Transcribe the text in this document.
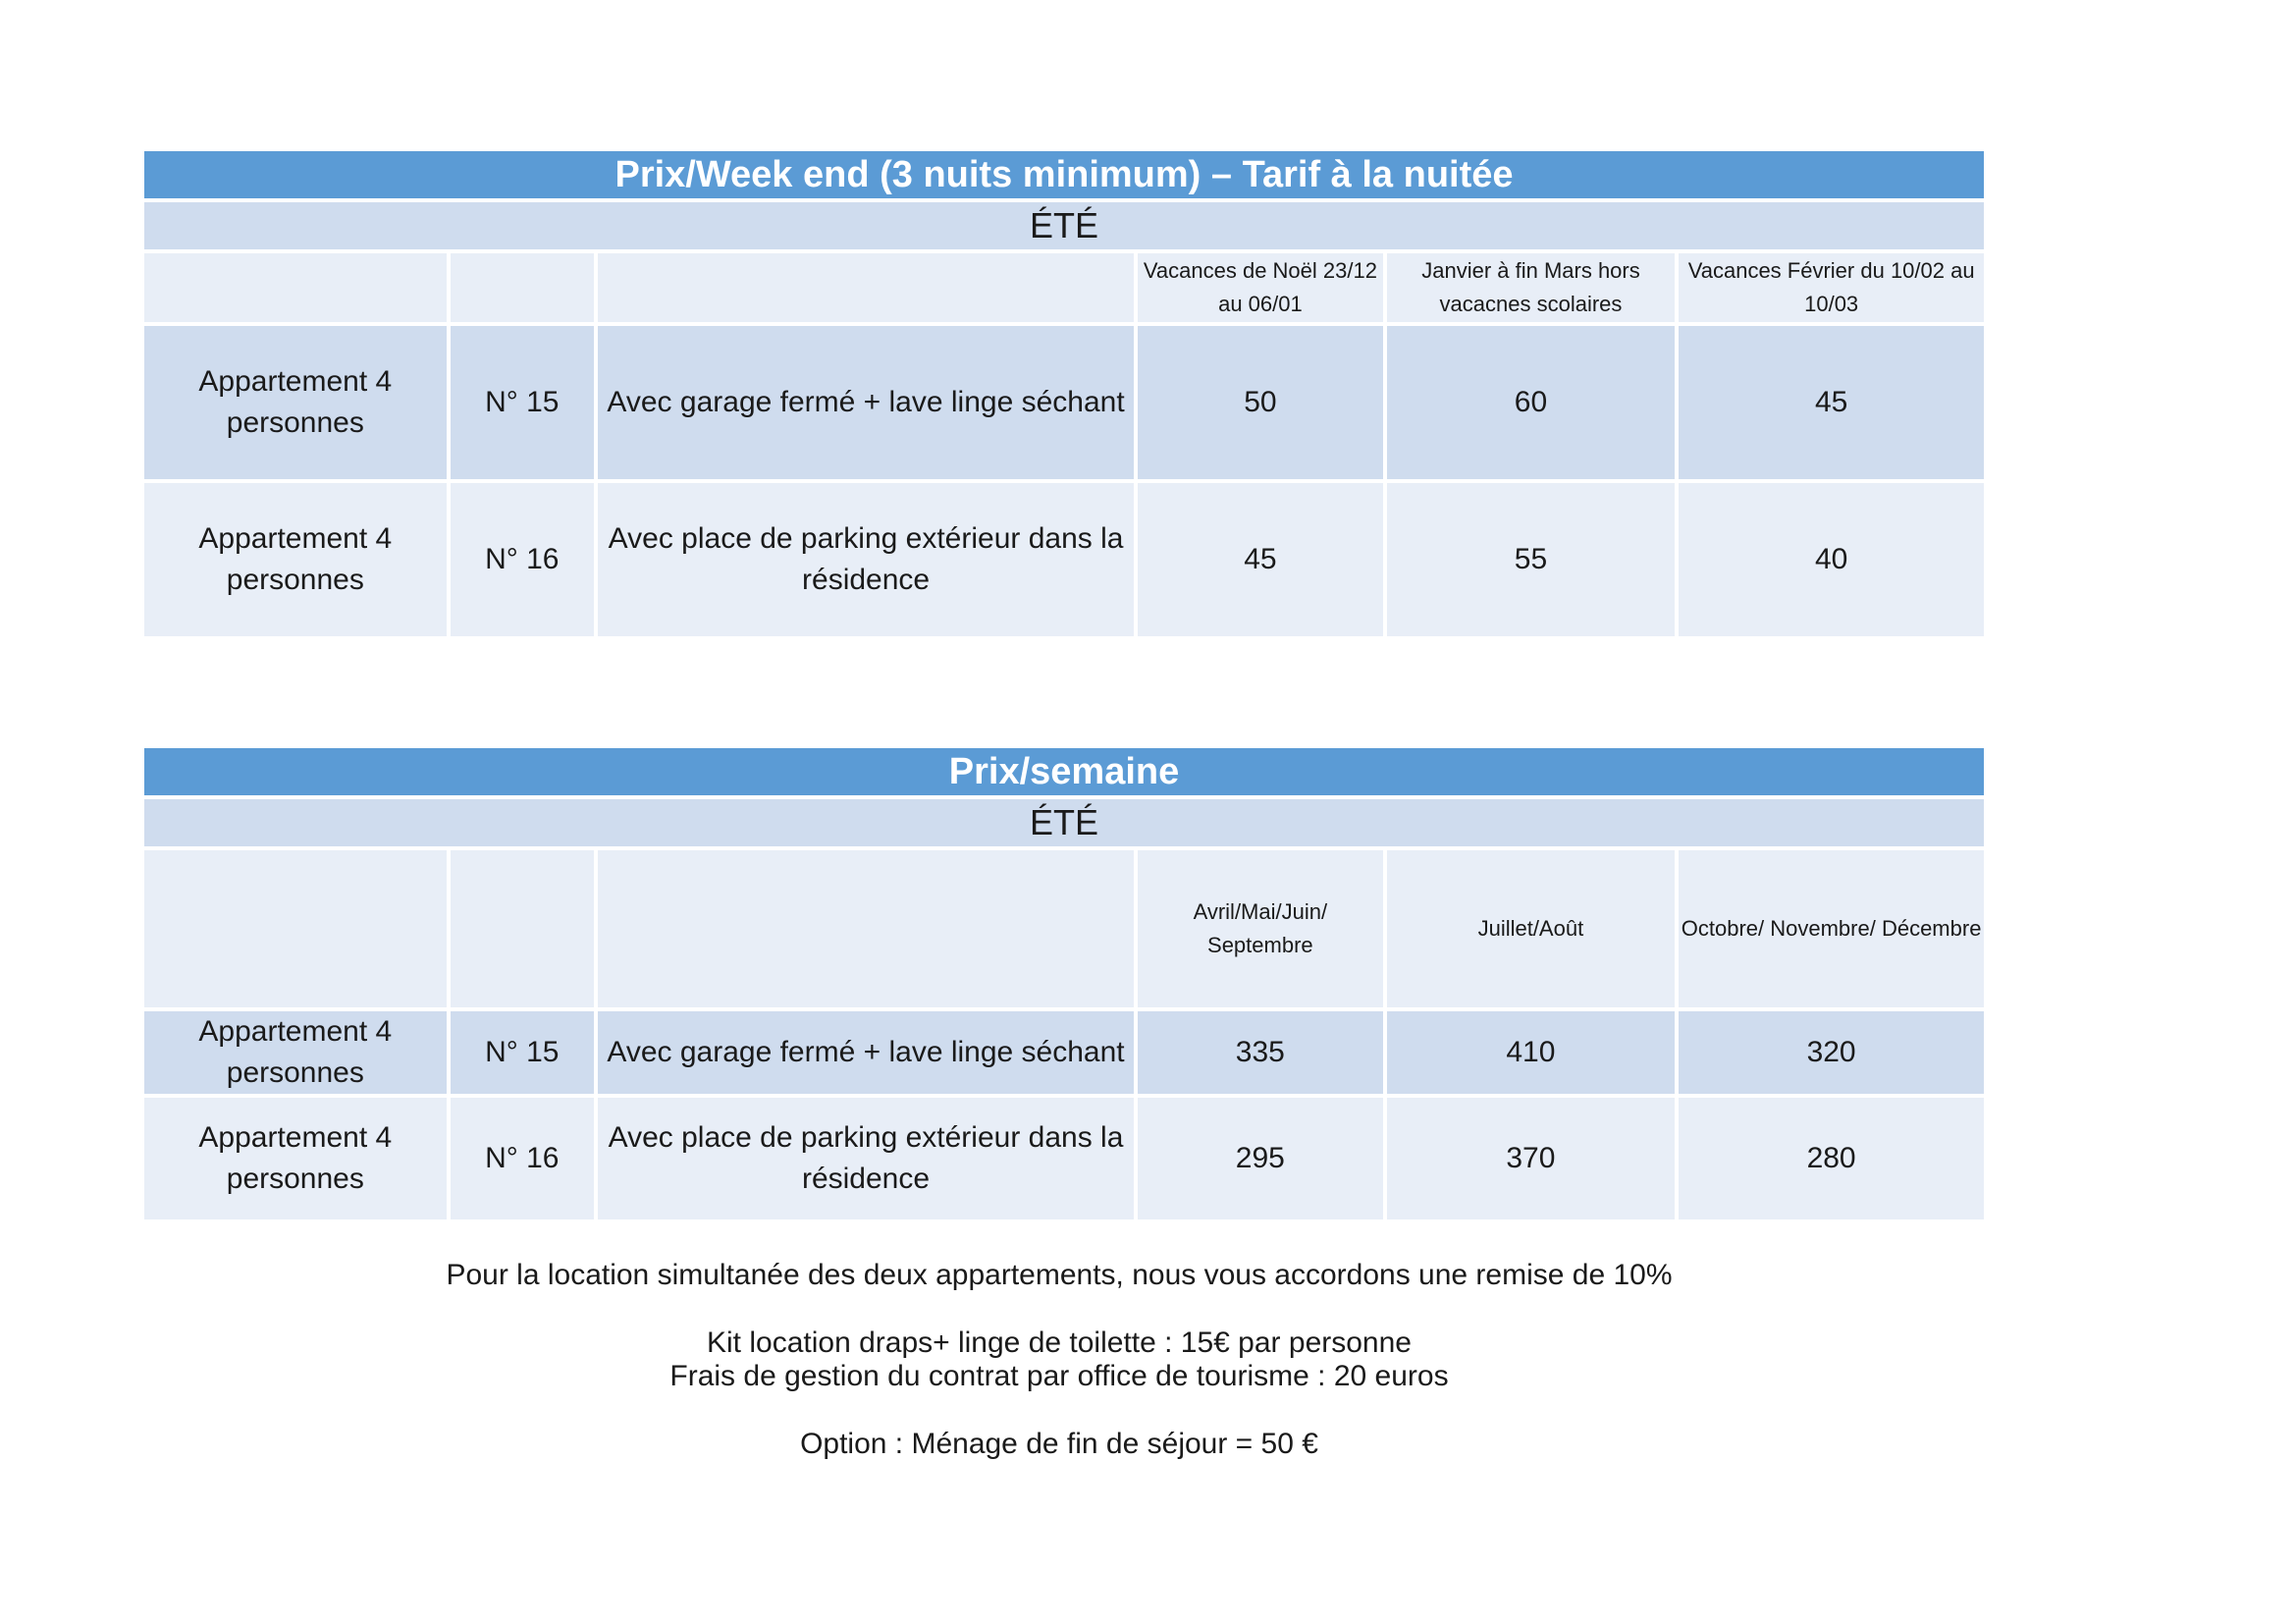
Prix/Week end (3 nuits minimum) – Tarif à la nuitée					
ÉTÉ					
			Vacances de Noël 23/12 au 06/01	Janvier à fin Mars hors vacacnes scolaires	Vacances Février du 10/02 au 10/03
Appartement 4 personnes	N° 15	Avec garage fermé + lave linge séchant	50	60	45
Appartement 4 personnes	N° 16	Avec place de parking extérieur dans la résidence	45	55	40
Prix/semaine					
ÉTÉ					
			Avril/Mai/Juin/ Septembre	Juillet/Août	Octobre/ Novembre/ Décembre
Appartement 4 personnes	N° 15	Avec garage fermé + lave linge séchant	335	410	320
Appartement 4 personnes	N° 16	Avec place de parking extérieur dans la résidence	295	370	280

Pour la location simultanée des deux appartements, nous vous accordons une remise de 10%

Kit location draps+ linge de toilette : 15€ par personne

Frais de gestion du contrat par office de tourisme : 20 euros

Option : Ménage de fin de séjour = 50 €
